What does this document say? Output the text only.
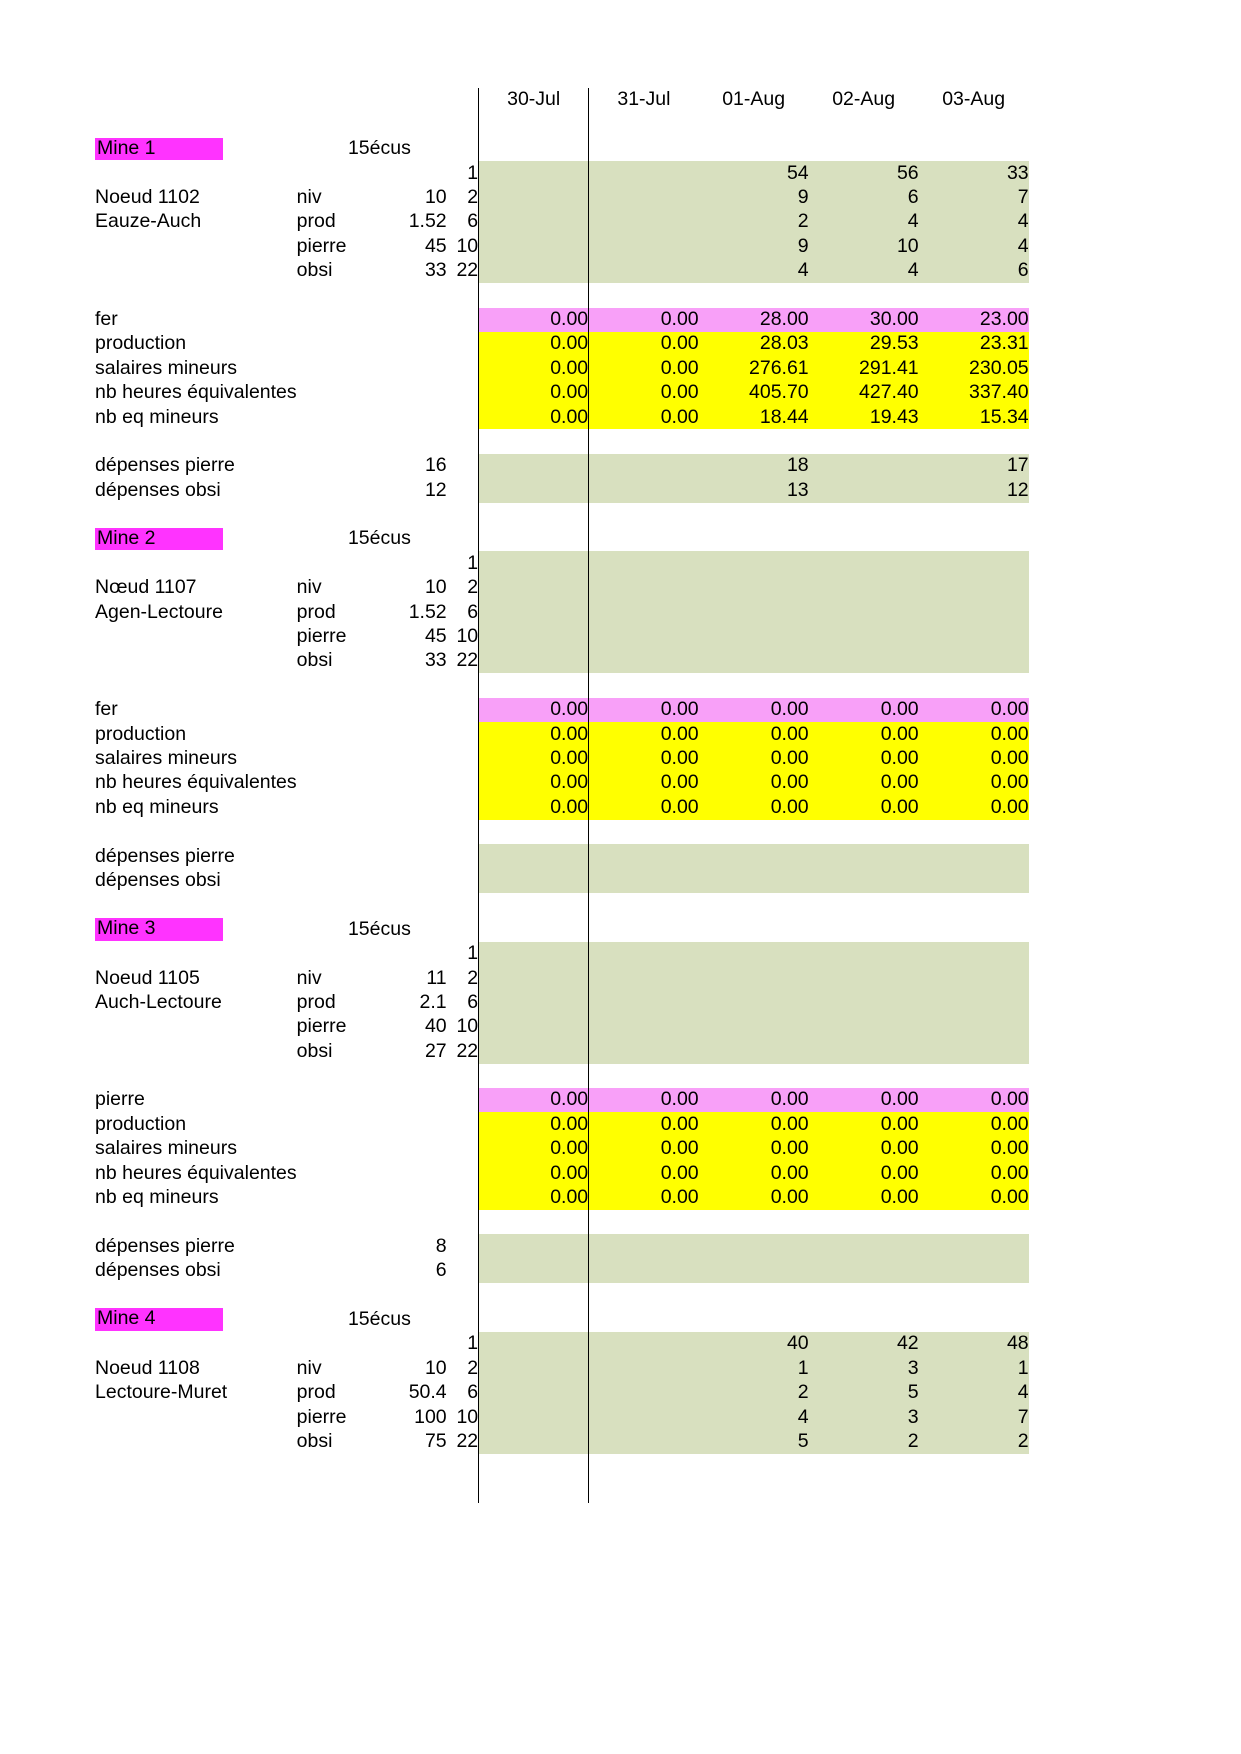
				30-Jul	31-Jul	01-Aug	02-Aug	03-Aug

Mine 1	15	écus						
			1			54	56	33
Noeud 1102	niv	10	2			9	6	7
Eauze-Auch	prod	1.52	6			2	4	4
	pierre	45	10			9	10	4
	obsi	33	22			4	4	6

fer				0.00	0.00	28.00	30.00	23.00
production				0.00	0.00	28.03	29.53	23.31
salaires mineurs				0.00	0.00	276.61	291.41	230.05
nb heures équivalentes				0.00	0.00	405.70	427.40	337.40
nb eq mineurs				0.00	0.00	18.44	19.43	15.34

dépenses pierre		16				18		17
dépenses obsi		12				13		12

Mine 2	15	écus						
			1					
Nœud 1107	niv	10	2					
Agen-Lectoure	prod	1.52	6					
	pierre	45	10					
	obsi	33	22					

fer				0.00	0.00	0.00	0.00	0.00
production				0.00	0.00	0.00	0.00	0.00
salaires mineurs				0.00	0.00	0.00	0.00	0.00
nb heures équivalentes				0.00	0.00	0.00	0.00	0.00
nb eq mineurs				0.00	0.00	0.00	0.00	0.00

dépenses pierre								
dépenses obsi								

Mine 3	15	écus						
			1					
Noeud 1105	niv	11	2					
Auch-Lectoure	prod	2.1	6					
	pierre	40	10					
	obsi	27	22					

pierre				0.00	0.00	0.00	0.00	0.00
production				0.00	0.00	0.00	0.00	0.00
salaires mineurs				0.00	0.00	0.00	0.00	0.00
nb heures équivalentes				0.00	0.00	0.00	0.00	0.00
nb eq mineurs				0.00	0.00	0.00	0.00	0.00

dépenses pierre		8						
dépenses obsi		6						

Mine 4	15	écus						
			1			40	42	48
Noeud 1108	niv	10	2			1	3	1
Lectoure-Muret	prod	50.4	6			2	5	4
	pierre	100	10			4	3	7
	obsi	75	22			5	2	2
